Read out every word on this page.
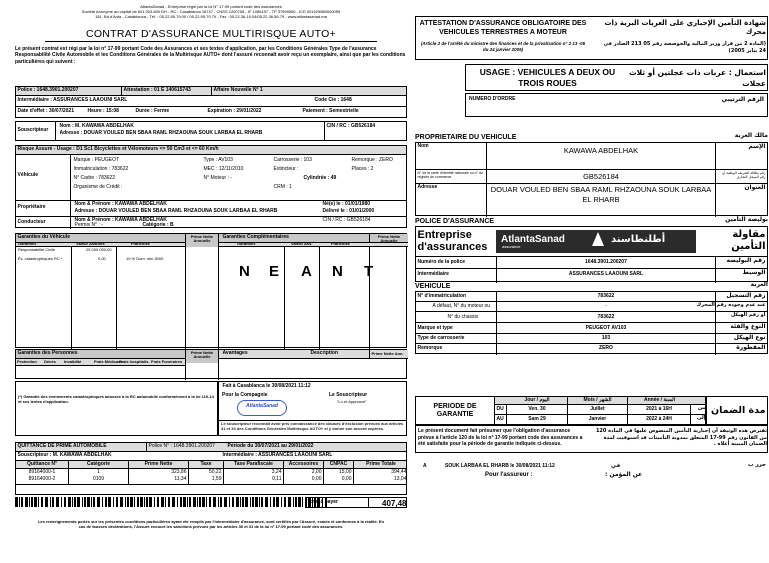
AtlantaSanad - Entreprise régie par la loi N° 17-99 portant code des assurances
Société Anonyme au capital de 601.003.800 DH - RC : Casablanca 16747 - CNSS 1200708 - IF 1086157 - TP 37999550 - ICE 001529580000059
181, Bd d'Anfa - Casablanca - Tél. : 05.22.95.79.00 / 05.22.95.79.79 - Fax : 05.22.36.19.04/05.22.36.56.79 - www.atlantasanad.ma
CONTRAT D'ASSURANCE MULTIRISQUE AUTO+
Le présent contrat est régi par la loi n° 17-99 portant Code des Assurances et ses textes d'application, par les Conditions Générales Type de l'assurance Responsabilité Civile Automobile et les Conditions Générales de la Multirisque AUTO+ dont l'assuré reconnaît avoir reçu un exemplaire, ainsi que par les conditions particulières qui suivent :
Police : 1648.3901.200207	Attestation : 01 E 140615743	Affaire Nouvelle N° 1
Intermédiaire : ASSURANCES LAAOUNI SARL	Code Cie : 1648
Date d'effet : 30/07/2021	Heure : 15:08	Durée : Ferme	Expiration : 29/01/2022	Paiement : Semestrielle
Souscripteur
Nom : M. KAWAWA ABDELHAK
Adresse : DOUAR VOULED BEN SBAA RAML RHZAOUNA SOUK LARBAA EL RHARB
CIN / RC : GB526184
Risque Assuré - Usage : D1 Sc1 Bicyclettes et Vélomoteurs <= 50 Cm3 et <= 60 Km/h
Véhicule
Marque : PEUGEOT	Type : AV103	Carrosserie : 103	Remorque : ZERO
Immatriculation : 783622	MEC : 12/11/2010	Extincteur :	Places : 2
N° Cadre : 783622	N° Moteur : -	Cylindrée : 49
Organisme de Crédit :	CRM : 1
Propriétaire
Nom & Prénom : KAWAWA ABDELHAK
Adresse : DOUAR VOULED BEN SBAA RAML RHZAOUNA SOUK LARBAA EL RHARB
Né(e) le : 01/01/1980
Délivré le : 01/01/2000
Conducteur	Nom & Prénom : KAWAWA ABDELHAK
Permis N° : -	Catégorie : B
CIN / RC : GB526184
Garanties du Véhicule	Prime Nette Annuelle
Garanties	Valeur Assurée	Franchise
Responsabilité Civile	25 000 000,00
Év. catastrophiques RC *	0,00	10 % Dom. min 3000
Garanties Complémentaires	Prime Nette Annuelle
Garanties	Valeur Ass.	Franchise
N E A N T
Garanties des Personnes	Prime Nette Annuelle
Protection Décès Invalidité	Frais Médicaux
Frais hospitalis. Frais Funéraires
Avantages	Description	Prime Nette Ann.
(*) Garantie des événements catastrophiques adossée à la RC automobile conformément à la loi 110-14 et ses textes d'application.
Fait à Casablanca le 30/08/2021 11:12
Pour la Compagnie	Le Souscripteur
"Lu et Approuvé"
AtlantaSanad
Le souscripteur reconnaît avoir pris connaissance des clauses d'exclusion prévues aux articles 31 et 34 des Conditions Générales Multirisque AUTO+ et y donne son accord express.
QUITTANCE DE PRIME AUTOMOBILE	Police N° : 1648.3901.200207	Période du 30/07/2021 au 29/01/2022
Souscripteur : M. KAWAWA ABDELHAK	Intermédiaire : ASSURANCES LAAOUNI SARL
Quittance N°	Catégorie	Prime Nette	Taxe	Taxe Parafiscale	Accessoires	CNPAC	Prime Totale
89164000-1	1	323,86	50,22	3,24	2,00	15,00	394,44
89164000-2	0109	11,34	1,59	0,11	0,00	0,00	13,04
Total à payer	407,48
Les renseignements portés sur les présentes conditions particulières ayant été remplis par l'intermédiaire d'assurance, sont certifiés par l'Assuré, exacts et conformes à la réalité. En cas de fausses déclarations, l'Assuré encourt les sanctions prévues par les articles 30 et 31 de la loi n° 17-99 portant code des assurances.
ATTESTATION D'ASSURANCE OBLIGATOIRE DES VEHICULES TERRESTRES A MOTEUR
(Article 2 de l'arrêté du ministre des finances et de la privatisation n° 2 13 -05 du 24 janvier 2005)
شهادة التأمين الإجباري على العربات البرية ذات محرك
(المادة 2 من قرار وزير المالية والخوصصة رقم 05 213 الصادر في 24 يناير 2005)
USAGE : VEHICULES A DEUX OU TROIS ROUES
استعمال : عربات ذات عجلتين أو ثلاث عجلات
NUMERO D'ORDRE	الرقم الترتيبي
PROPRIETAIRE DU VEHICULE	مالك العربة
Nom
KAWAWA ABDELHAK	الإسم
N° de la carte d'identité nationale ou n° du registre de commerce	GB526184	رقم بطاقة التعريف الوطنية أو رقم السجل التجاري
Adresse	DOUAR VOULED BEN SBAA RAML RHZAOUNA SOUK LARBAA EL RHARB
العنوان
POLICE D'ASSURANCE	بوليصة التأمين
Entreprise d'assurances
AtlantaSanad
assurance
أطلنطاسند	مقاولة التأمين
Numéro de la police	1648.3901.200207	رقم البوليصة
Intermédiaire	ASSURANCES LAAOUNI SARL	الوسيط
VEHICULE	العربة
N° d'immatriculation	783622	رقم التسجيل
A défaut, N° du moteur ou	-	عند عدم وجوده رقم المحرك
N° du chassis	783622	أو رقم الهيكل
Marque et type	PEUGEOT AV103	النوع والفئة
Type de carrosserie	103	نوع الهيكل
Remorque	ZERO	المقطورة
PERIODE DE GARANTIE	مدة الضمان
Jour / اليوم	Mois / الشهر	Année / السنة
DU	Ven. 30	Juillet	2021 à 16H	من
AU	Sam 29	Janvier	2022 à 24H	إلى
Le présent document fait présumer que l'obligation d'assurance prévue à l'article 120 de la loi n° 17-99 portant code des assurances a été satisfaite pour la période de garantie indiquée ci-dessus.
تفترض هذه الوثيقة أن إجبارية التأمين المنصوص عليها في المادة 120 من القانون رقم 99-17 المتعلق بمدونة التأمينات قد استوفيت لمدة الضمان المبينة أعلاه .
A	SOUK LARBAA EL RHARB le 30/08/2021 11:12	في	حرر ب
Pour l'assureur :	عن المؤمن :
